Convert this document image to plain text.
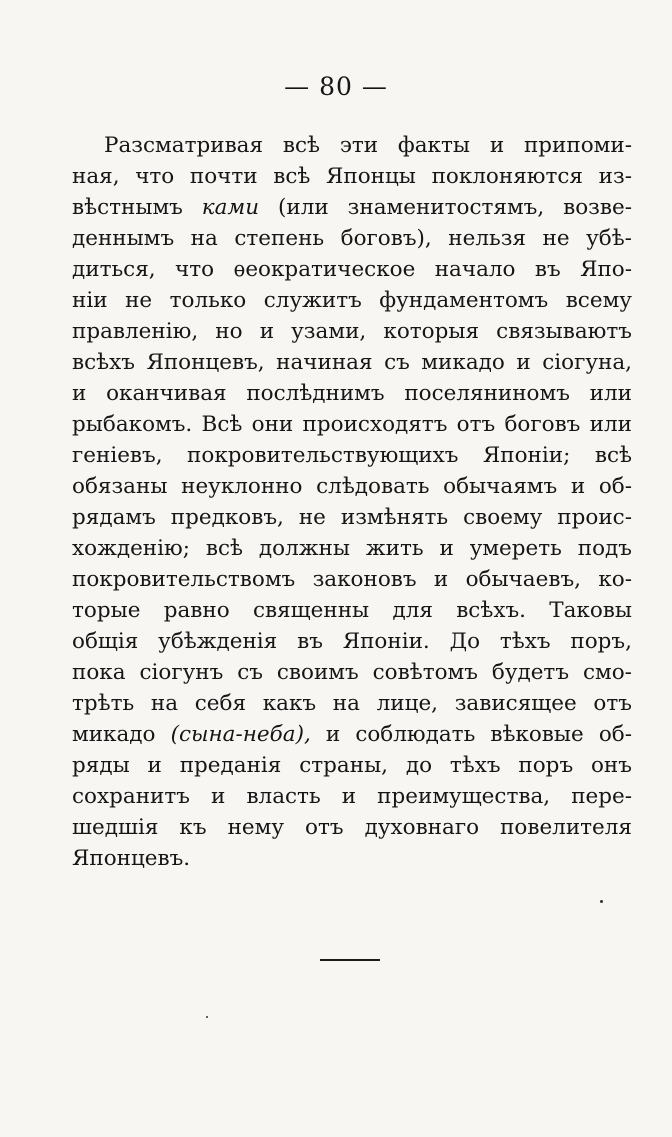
— 80 —
Разсматривая всѣ эти факты и припоми-
ная, что почти всѣ Японцы поклоняются из-
вѣстнымъ ками (или знаменитостямъ, возве-
деннымъ на степень боговъ), нельзя не убѣ-
диться, что ѳеократическое начало въ Япо-
ніи не только служитъ фундаментомъ всему
правленію, но и узами, которыя связываютъ
всѣхъ Японцевъ, начиная съ микадо и сіогуна,
и оканчивая послѣднимъ поселяниномъ или
рыбакомъ. Всѣ они происходятъ отъ боговъ или
геніевъ, покровительствующихъ Японіи; всѣ
обязаны неуклонно слѣдовать обычаямъ и об-
рядамъ предковъ, не измѣнять своему проис-
хожденію; всѣ должны жить и умереть подъ
покровительствомъ законовъ и обычаевъ, ко-
торые равно священны для всѣхъ. Таковы
общія убѣжденія въ Японіи. До тѣхъ поръ,
пока сіогунъ съ своимъ совѣтомъ будетъ смо-
трѣть на себя какъ на лице, зависящее отъ
микадо (сына-неба), и соблюдать вѣковые об-
ряды и преданія страны, до тѣхъ поръ онъ
сохранитъ и власть и преимущества, пере-
шедшія къ нему отъ духовнаго повелителя
Японцевъ.
